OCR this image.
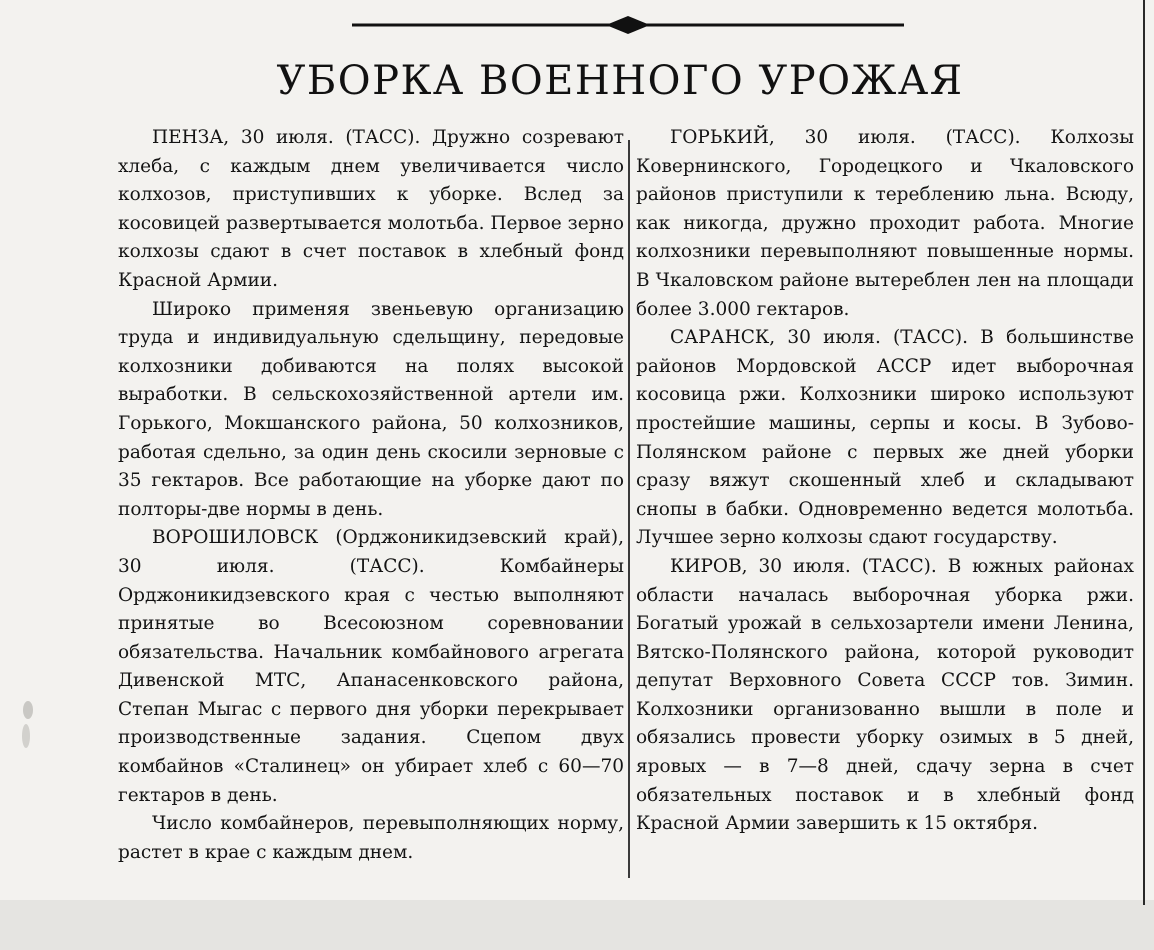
УБОРКА ВОЕННОГО УРОЖАЯ

ПЕНЗА, 30 июля. (ТАСС). Дружно созревают хлеба, с каждым днем увеличивается число колхозов, приступивших к уборке. Вслед за косовицей развертывается молотьба. Первое зерно колхозы сдают в счет поставок в хлебный фонд Красной Армии.

Широко применяя звеньевую организацию труда и индивидуальную сдельщину, передовые колхозники добиваются на полях высокой выработки. В сельскохозяйственной артели им. Горького, Мокшанского района, 50 колхозников, работая сдельно, за один день скосили зерновые с 35 гектаров. Все работающие на уборке дают по полторы-две нормы в день.

ВОРОШИЛОВСК (Орджоникидзевский край), 30 июля. (ТАСС). Комбайнеры Орджоникидзевского края с честью выполняют принятые во Всесоюзном соревновании обязательства. Начальник комбайнового агрегата Дивенской МТС, Апанасенковского района, Степан Мыгас с первого дня уборки перекрывает производственные задания. Сцепом двух комбайнов «Сталинец» он убирает хлеб с 60—70 гектаров в день.

Число комбайнеров, перевыполняющих норму, растет в крае с каждым днем.

ГОРЬКИЙ, 30 июля. (ТАСС). Колхозы Ковернинского, Городецкого и Чкаловского районов приступили к тереблению льна. Всюду, как никогда, дружно проходит работа. Многие колхозники перевыполняют повышенные нормы. В Чкаловском районе вытереблен лен на площади более 3.000 гектаров.

САРАНСК, 30 июля. (ТАСС). В большинстве районов Мордовской АССР идет выборочная косовица ржи. Колхозники широко используют простейшие машины, серпы и косы. В Зубово-Полянском районе с первых же дней уборки сразу вяжут скошенный хлеб и складывают снопы в бабки. Одновременно ведется молотьба. Лучшее зерно колхозы сдают государству.

КИРОВ, 30 июля. (ТАСС). В южных районах области началась выборочная уборка ржи. Богатый урожай в сельхозартели имени Ленина, Вятско-Полянского района, которой руководит депутат Верховного Совета СССР тов. Зимин. Колхозники организованно вышли в поле и обязались провести уборку озимых в 5 дней, яровых — в 7—8 дней, сдачу зерна в счет обязательных поставок и в хлебный фонд Красной Армии завершить к 15 октября.
